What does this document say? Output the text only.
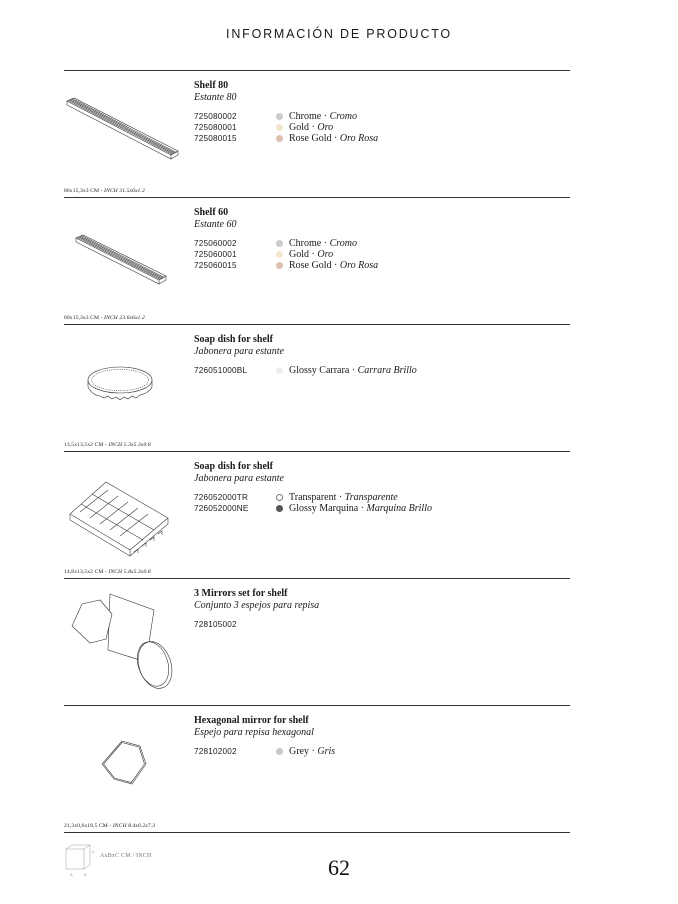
INFORMACIÓN DE PRODUCTO
80x15,3x3 CM - INCH 31.5x6x1.2
Shelf 80
Estante 80
725080002	Chrome · Cromo
725080001	Gold · Oro
725080015	Rose Gold · Oro Rosa
60x15,3x3 CM - INCH 23.6x6x1.2
Shelf 60
Estante 60
725060002	Chrome · Cromo
725060001	Gold · Oro
725060015	Rose Gold · Oro Rosa
13,5x13,5x2 CM - INCH 5.3x5.3x0.8
Soap dish for shelf
Jabonera para estante
726051000BL	Glossy Carrara · Carrara Brillo
14,8x13,5x2 CM - INCH 5.8x5.3x0.8
Soap dish for shelf
Jabonera para estante
726052000TR	Transparent · Transparente
726052000NE	Glossy Marquina · Marquina Brillo
3 Mirrors set for shelf
Conjunto 3 espejos para repisa
728105002
21,3x0,6x18,5 CM - INCH 8.4x0.2x7.3
Hexagonal mirror for shelf
Espejo para repisa hexagonal
728102002	Grey · Gris
A	B
C
AxBxC CM / INCH	62
